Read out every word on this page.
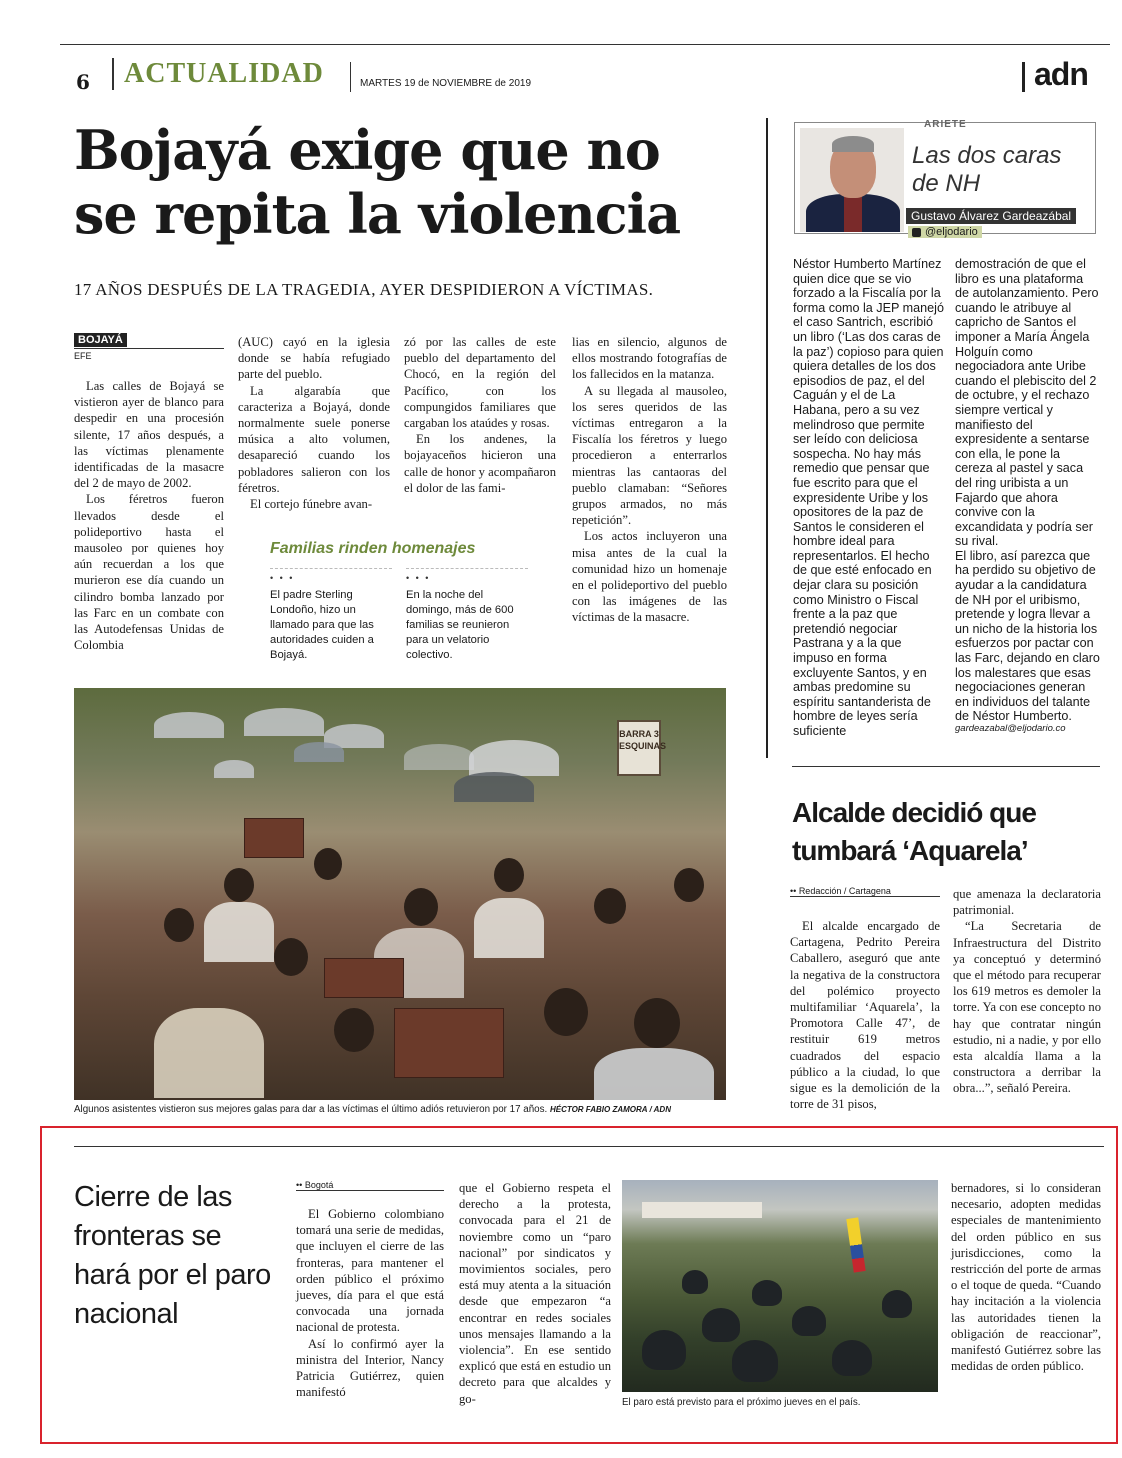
6	ACTUALIDAD	MARTES 19 de NOVIEMBRE de 2019	adn
Bojayá exige que no
se repita la violencia
17 AÑOS DESPUÉS DE LA TRAGEDIA, AYER DESPIDIERON A VÍCTIMAS.
BOJAYÁ
EFE

Las calles de Bojayá se vistieron ayer de blanco para despedir en una procesión silente, 17 años después, a las víctimas plenamente identificadas de la masacre del 2 de mayo de 2002.

Los féretros fueron llevados desde el polideportivo hasta el mausoleo por quienes hoy aún recuerdan a los que murieron ese día cuando un cilindro bomba lanzado por las Farc en un combate con las Autodefensas Unidas de Colombia

(AUC) cayó en la iglesia donde se había refugiado parte del pueblo.

La algarabía que caracteriza a Bojayá, donde normalmente suele ponerse música a alto volumen, desapareció cuando los pobladores salieron con los féretros.

El cortejo fúnebre avan-

zó por las calles de este pueblo del departamento del Chocó, en la región del Pacífico, con los compungidos familiares que cargaban los ataúdes y rosas.

En los andenes, la bojayaceños hicieron una calle de honor y acompañaron el dolor de las fami-

lias en silencio, algunos de ellos mostrando fotografías de los fallecidos en la matanza.

A su llegada al mausoleo, los seres queridos de las víctimas entregaron a la Fiscalía los féretros y luego procedieron a enterrarlos mientras las cantaoras del pueblo clamaban: “Señores grupos armados, no más repetición”.

Los actos incluyeron una misa antes de la cual la comunidad hizo un homenaje en el polideportivo del pueblo con las imágenes de las víctimas de la masacre.

Familias rinden homenajes
• • •
El padre Sterling Londoño, hizo un llamado para que las autoridades cuiden a Bojayá.
• • •
En la noche del domingo, más de 600 familias se reunieron para un velatorio colectivo.
BARRA 3 ESQUINAS
Algunos asistentes vistieron sus mejores galas para dar a las víctimas el último adiós retuvieron por 17 años. HÉCTOR FABIO ZAMORA / ADN
ARIETE
Las dos caras de NH
Gustavo Álvarez Gardeazábal
@eljodario
Néstor Humberto Martínez quien dice que se vio forzado a la Fiscalía por la forma como la JEP manejó el caso Santrich, escribió un libro (‘Las dos caras de la paz’) copioso para quien quiera detalles de los dos episodios de paz, el del Caguán y el de La Habana, pero a su vez melindroso que permite ser leído con deliciosa sospecha. No hay más remedio que pensar que fue escrito para que el expresidente Uribe y los opositores de la paz de Santos le consideren el hombre ideal para representarlos. El hecho de que esté enfocado en dejar clara su posición como Ministro o Fiscal frente a la paz que pretendió negociar Pastrana y a la que impuso en forma excluyente Santos, y en ambas predomine su espíritu santanderista de hombre de leyes sería suficiente

demostración de que el libro es una plataforma de autolanzamiento. Pero cuando le atribuye al capricho de Santos el imponer a María Ángela Holguín como negociadora ante Uribe cuando el plebiscito del 2 de octubre, y el rechazo siempre vertical y manifiesto del expresidente a sentarse con ella, le pone la cereza al pastel y saca del ring uribista a un Fajardo que ahora convive con la excandidata y podría ser su rival.

El libro, así parezca que ha perdido su objetivo de ayudar a la candidatura de NH por el uribismo, pretende y logra llevar a un nicho de la historia los esfuerzos por pactar con las Farc, dejando en claro los malestares que esas negociaciones generan en individuos del talante de Néstor Humberto.

gardeazabal@eljodario.co
Alcalde decidió que tumbará ‘Aquarela’
•• Redacción / Cartagena

El alcalde encargado de Cartagena, Pedrito Pereira Caballero, aseguró que ante la negativa de la constructora del polémico proyecto multifamiliar ‘Aquarela’, la Promotora Calle 47’, de restituir 619 metros cuadrados del espacio público a la ciudad, lo que sigue es la demolición de la torre de 31 pisos,

que amenaza la declaratoria patrimonial.

“La Secretaria de Infraestructura del Distrito ya conceptuó y determinó que el método para recuperar los 619 metros es demoler la torre. Ya con ese concepto no hay que contratar ningún estudio, ni a nadie, y por ello esta alcaldía llama a la constructora a derribar la obra...”, señaló Pereira.

Cierre de las fronteras se hará por el paro nacional
•• Bogotá

El Gobierno colombiano tomará una serie de medidas, que incluyen el cierre de las fronteras, para mantener el orden público el próximo jueves, día para el que está convocada una jornada nacional de protesta.

Así lo confirmó ayer la ministra del Interior, Nancy Patricia Gutiérrez, quien manifestó

que el Gobierno respeta el derecho a la protesta, convocada para el 21 de noviembre como un “paro nacional” por sindicatos y movimientos sociales, pero está muy atenta a la situación desde que empezaron “a encontrar en redes sociales unos mensajes llamando a la violencia”. En ese sentido explicó que está en estudio un decreto para que alcaldes y go-	El paro está previsto para el próximo jueves en el país.

bernadores, si lo consideran necesario, adopten medidas especiales de mantenimiento del orden público en sus jurisdicciones, como la restricción del porte de armas o el toque de queda. “Cuando hay incitación a la violencia las autoridades tienen la obligación de reaccionar”, manifestó Gutiérrez sobre las medidas de orden público.
